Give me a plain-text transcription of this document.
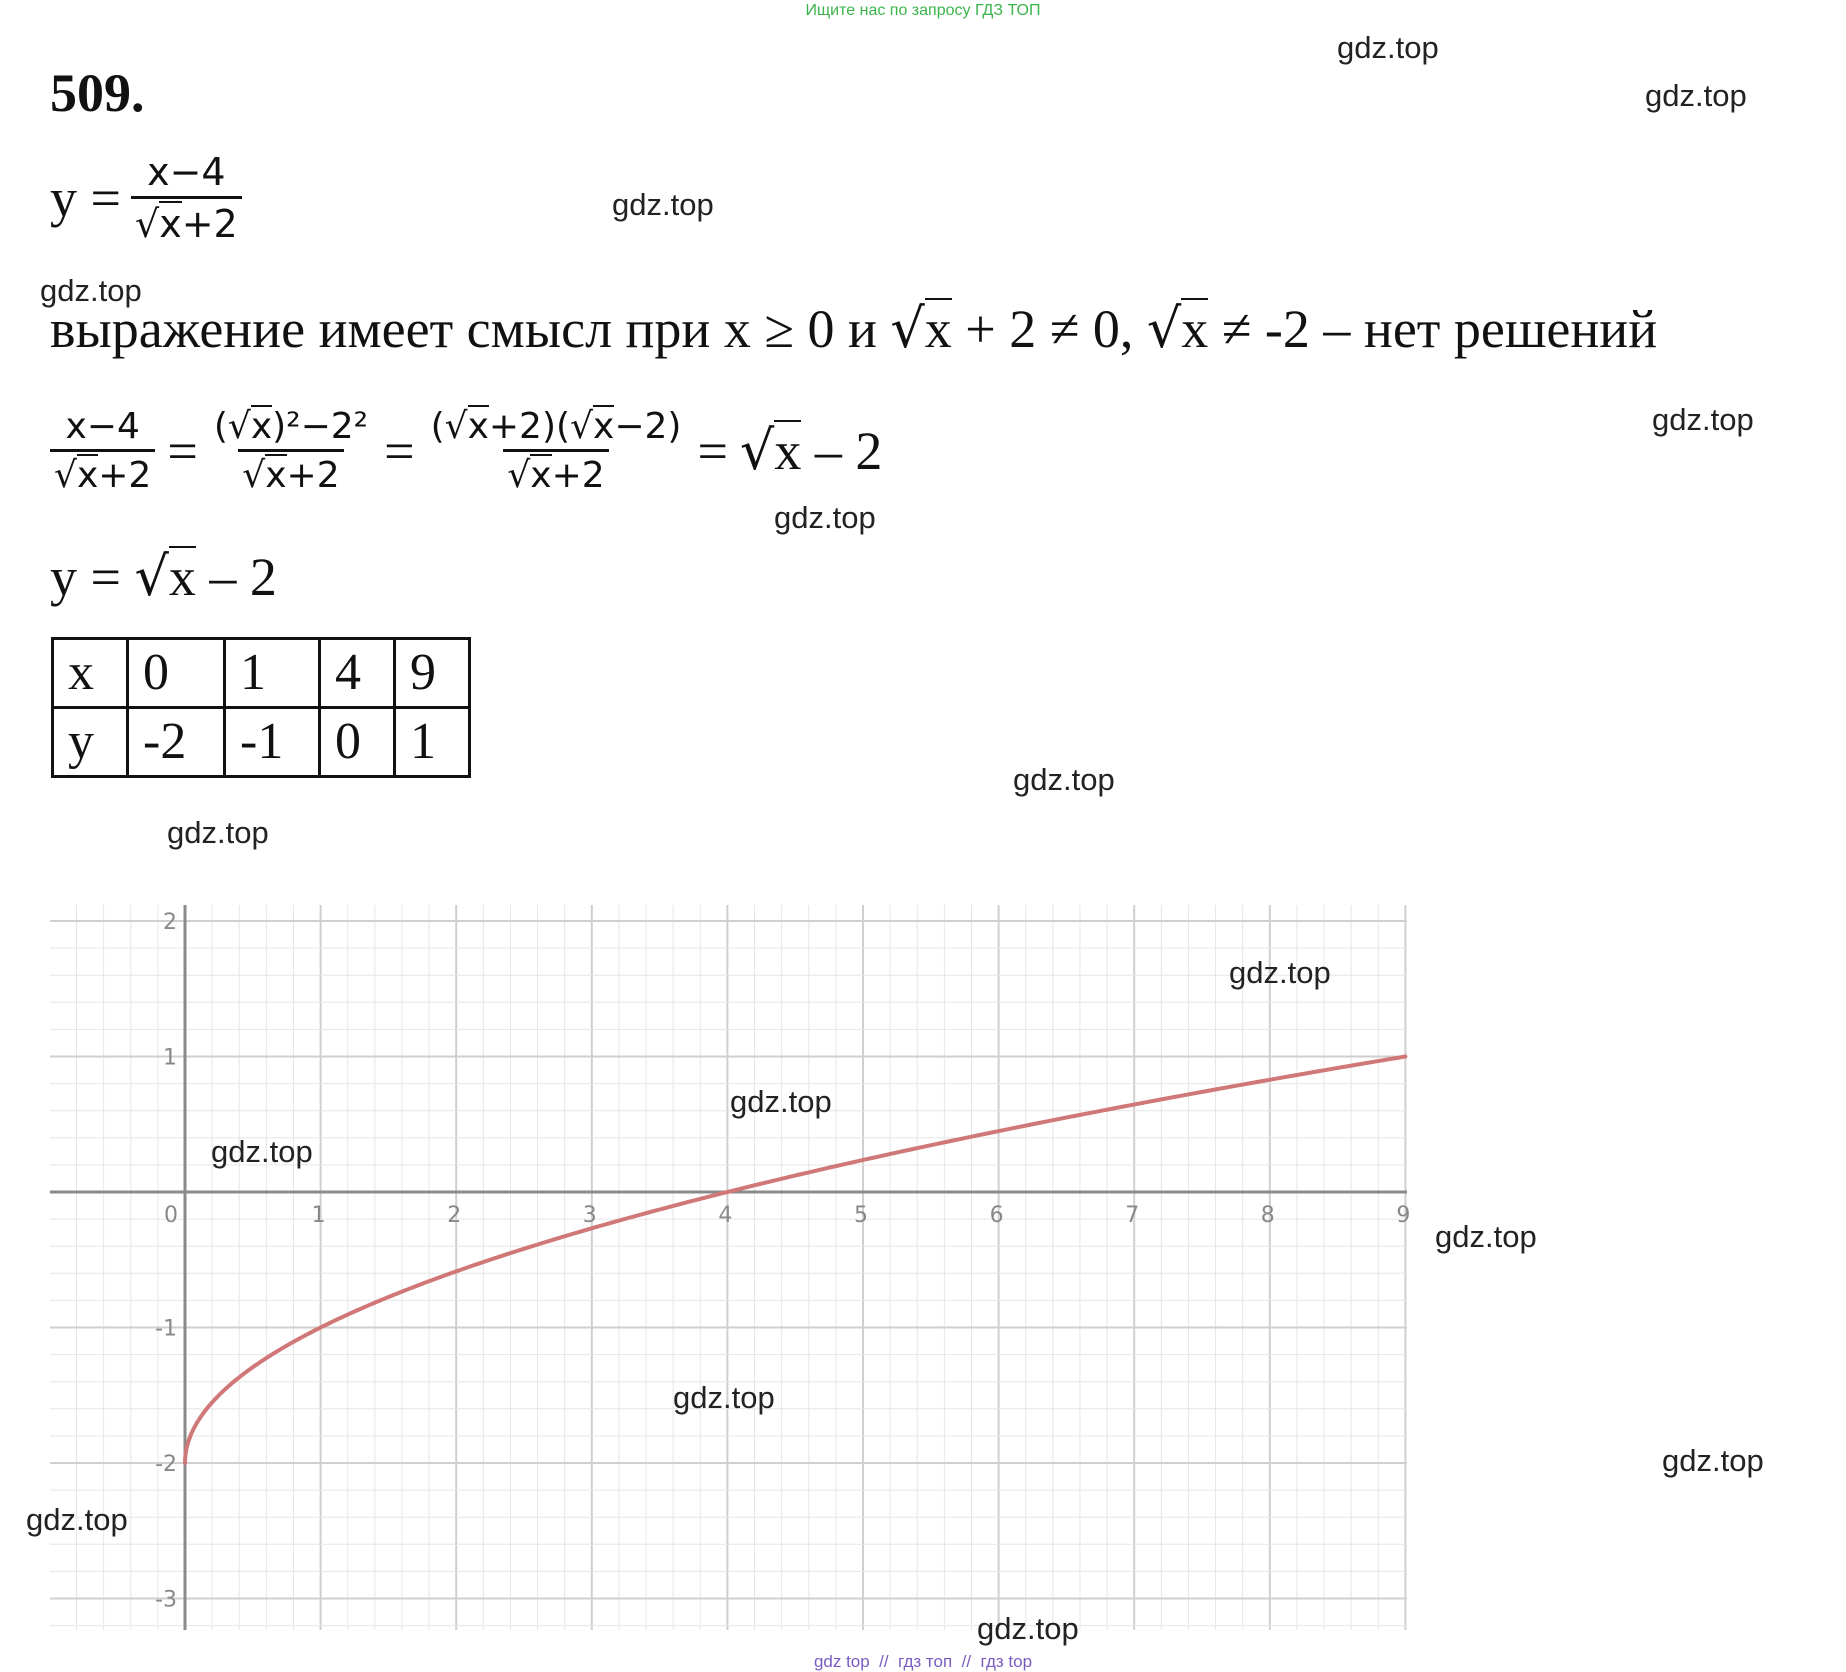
Ищите нас по запросу ГДЗ ТОП
509.
$y = \frac{x-4}{√x+2}$
выражение имеет смысл при x ≥ 0 и √x + 2 ≠ 0, √x ≠ -2 – нет решений
$\frac{x-4}{√x+2} = \frac{\text{(√x)²−2²}}{√x+2} = \frac{(√x+2)(√x-2)}{√x+2} = √x - 2$
y = √x – 2
x	0	1	4	9
y	-2	-1	0	1
0	1	2	3	4	5	6	7	8	9
2
1
-1
-2
-3
gdz.top
gdz.top
gdz.top
gdz.top
gdz.top
gdz.top
gdz.top
gdz.top
gdz.top
gdz.top
gdz.top
gdz.top
gdz.top
gdz.top
gdz.top
gdz.top
gdz top  //  гдз топ  //  гдз top
